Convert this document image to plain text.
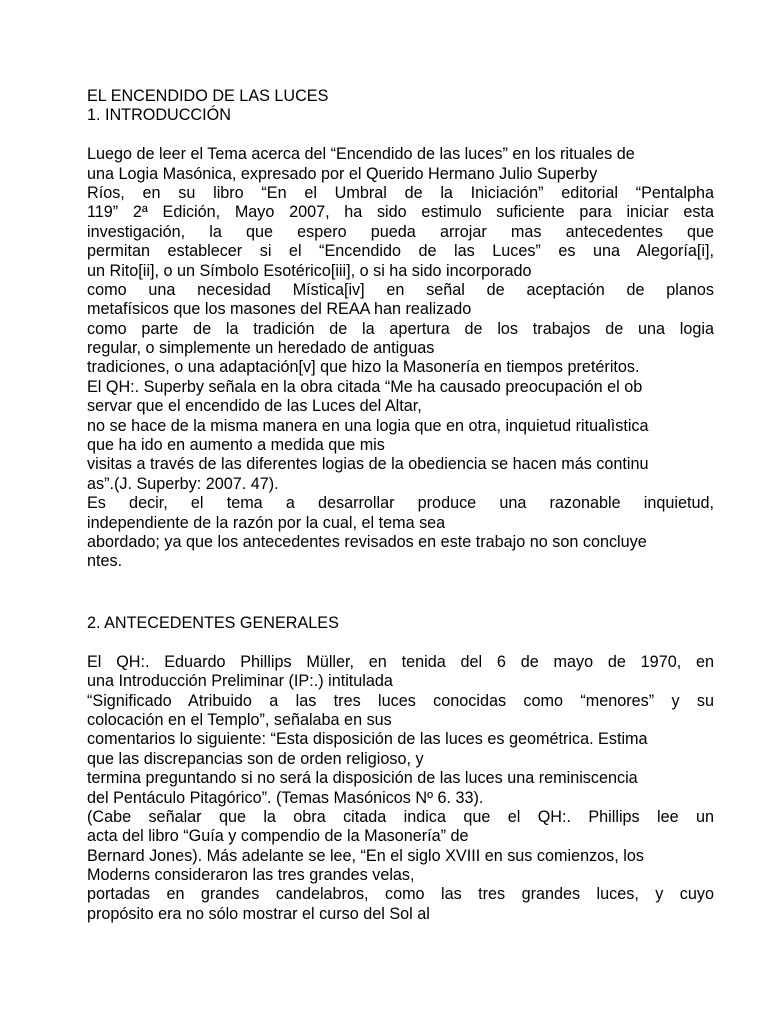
EL ENCENDIDO DE LAS LUCES
1. INTRODUCCIÓN
Luego de leer el Tema acerca del “Encendido de las luces” en los rituales de
una Logia Masónica, expresado por el Querido Hermano Julio Superby
Ríos, en su libro “En el Umbral de la Iniciación” editorial “Pentalpha
119” 2ª Edición, Mayo 2007, ha sido estimulo suficiente para iniciar esta
investigación, la que espero pueda arrojar mas antecedentes que
permitan establecer si el “Encendido de las Luces” es una Alegoría[i],
un Rito[ii], o un Símbolo Esotérico[iii], o si ha sido incorporado
como una necesidad Mística[iv] en señal de aceptación de planos
metafísicos que los masones del REAA han realizado
como parte de la tradición de la apertura de los trabajos de una logia
regular, o simplemente un heredado de antiguas
tradiciones, o una adaptación[v] que hizo la Masonería en tiempos pretéritos.
El QH:. Superby señala en la obra citada “Me ha causado preocupación el ob
servar que el encendido de las Luces del Altar,
no se hace de la misma manera en una logia que en otra, inquietud ritualìstica
que ha ido en aumento a medida que mis
visitas a través de las diferentes logias de la obediencia se hacen más continu
as”.(J. Superby: 2007. 47).
Es decir, el tema a desarrollar produce una razonable inquietud,
independiente de la razón por la cual, el tema sea
abordado; ya que los antecedentes revisados en este trabajo no son concluye
ntes.
2. ANTECEDENTES GENERALES
El QH:. Eduardo Phillips Müller, en tenida del 6 de mayo de 1970, en
una Introducción Preliminar (IP:.) intitulada
“Significado Atribuido a las tres luces conocidas como “menores” y su
colocación en el Templo”, señalaba en sus
comentarios lo siguiente: “Esta disposición de las luces es geométrica. Estima
que las discrepancias son de orden religioso, y
termina preguntando si no será la disposición de las luces una reminiscencia
del Pentáculo Pitagórico”. (Temas Masónicos Nº 6. 33).
(Cabe señalar que la obra citada indica que el QH:. Phillips lee un
acta del libro “Guía y compendio de la Masonería” de
Bernard Jones). Más adelante se lee, “En el siglo XVIII en sus comienzos, los
Moderns consideraron las tres grandes velas,
portadas en grandes candelabros, como las tres grandes luces, y cuyo
propósito era no sólo mostrar el curso del Sol al
